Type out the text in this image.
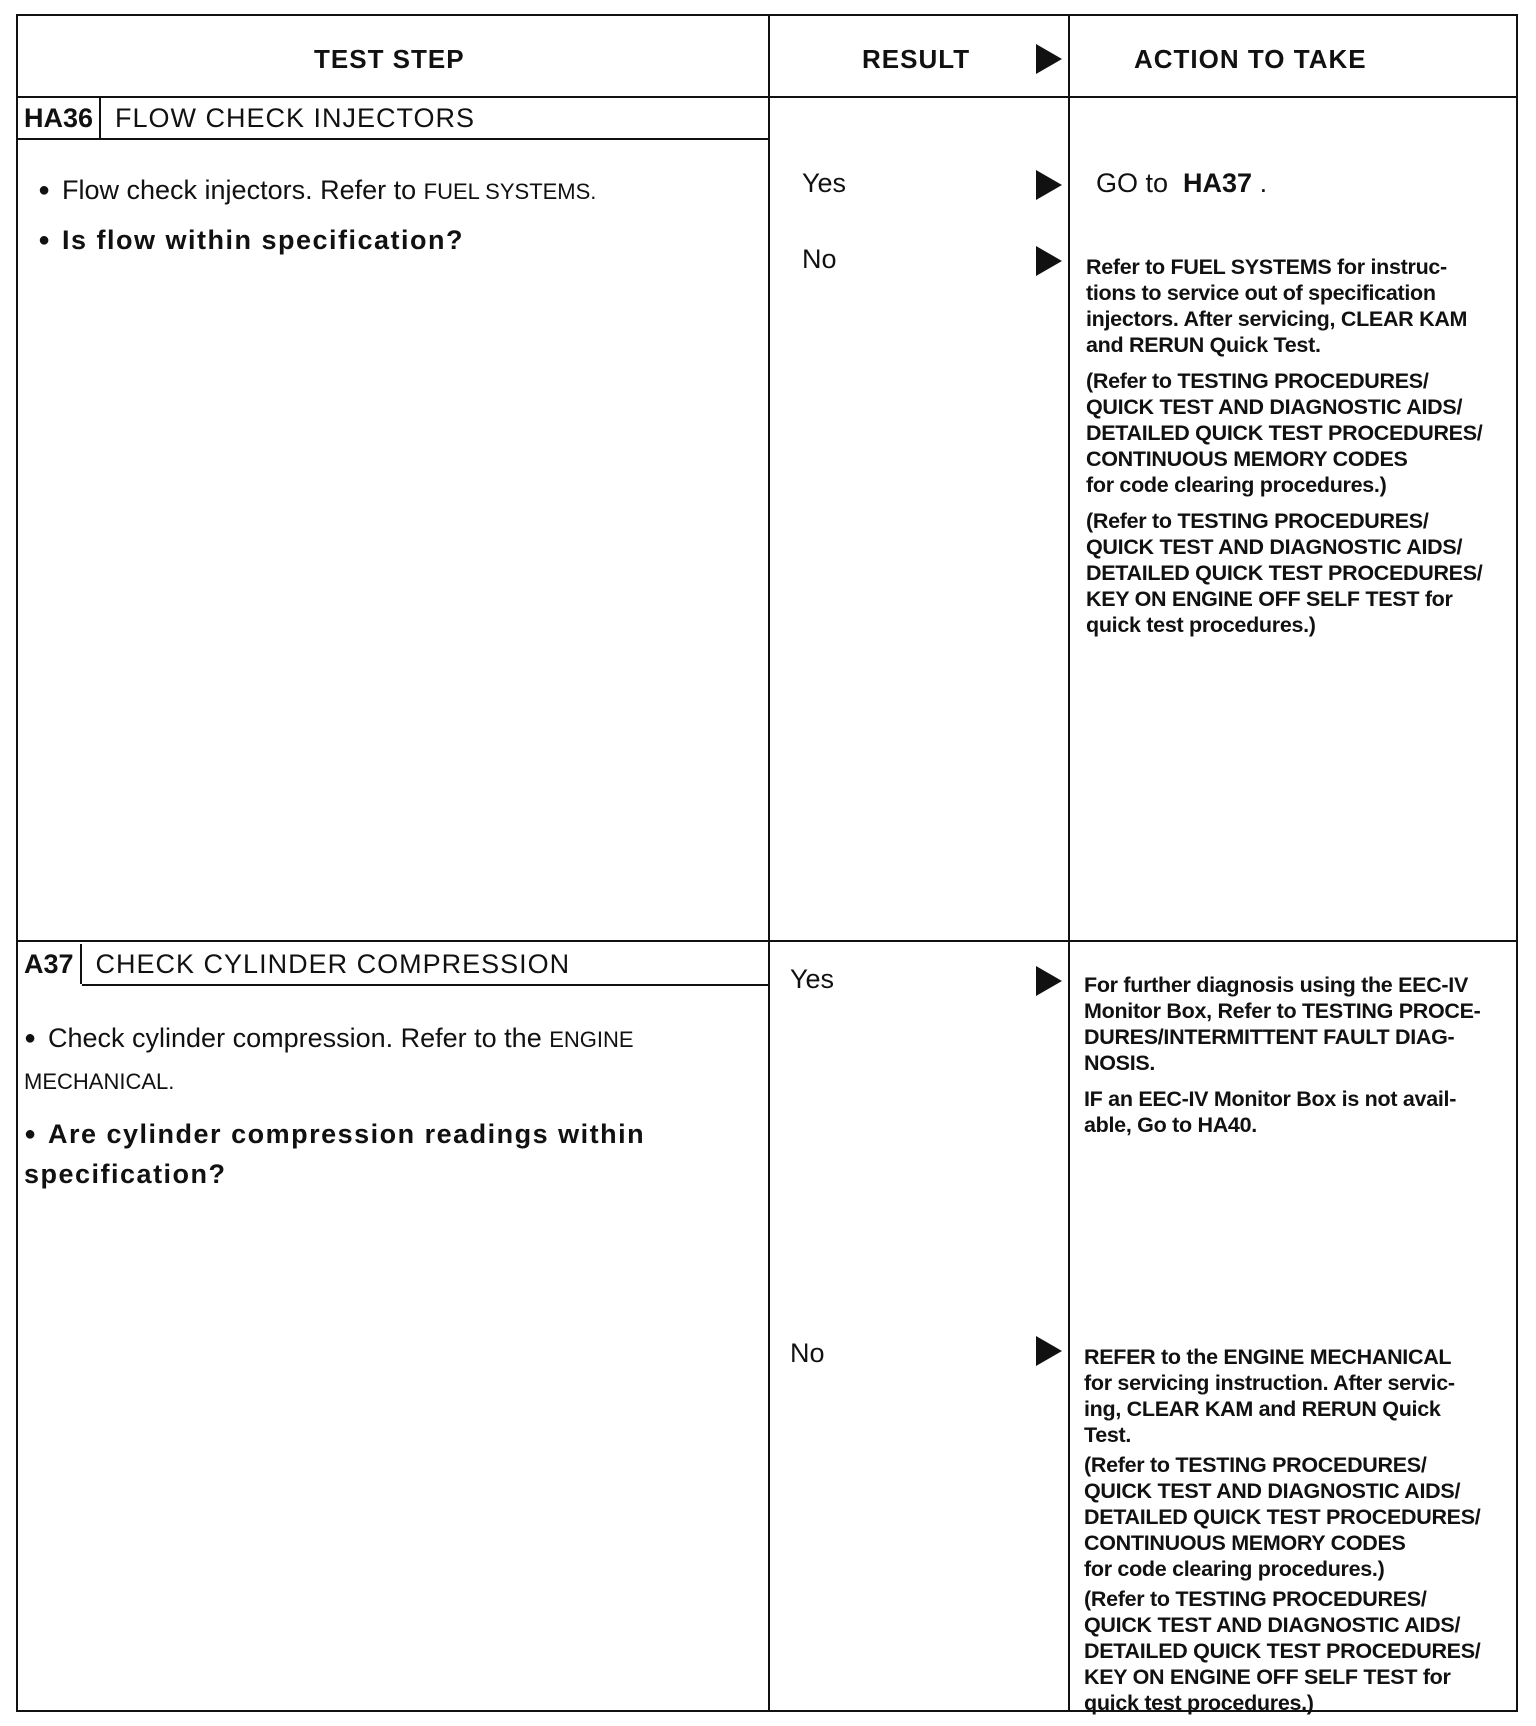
TEST STEP	RESULT	ACTION TO TAKE
HA36 FLOW CHECK INJECTORS
● Flow check injectors. Refer to FUEL SYSTEMS.
● Is flow within specification?
Yes	GO to HA37 .
No	Refer to FUEL SYSTEMS for instruc-
tions to service out of specification
injectors. After servicing, CLEAR KAM
and RERUN Quick Test.

(Refer to TESTING PROCEDURES/
QUICK TEST AND DIAGNOSTIC AIDS/
DETAILED QUICK TEST PROCEDURES/
CONTINUOUS MEMORY CODES
for code clearing procedures.)

(Refer to TESTING PROCEDURES/
QUICK TEST AND DIAGNOSTIC AIDS/
DETAILED QUICK TEST PROCEDURES/
KEY ON ENGINE OFF SELF TEST for
quick test procedures.)

A37 CHECK CYLINDER COMPRESSION
● Check cylinder compression. Refer to the ENGINE MECHANICAL.
● Are cylinder compression readings within specification?
Yes	For further diagnosis using the EEC-IV
Monitor Box, Refer to TESTING PROCE-
DURES/INTERMITTENT FAULT DIAG-
NOSIS.

IF an EEC-IV Monitor Box is not avail-
able, Go to HA40.

No	REFER to the ENGINE MECHANICAL
for servicing instruction. After servic-
ing, CLEAR KAM and RERUN Quick
Test.

(Refer to TESTING PROCEDURES/
QUICK TEST AND DIAGNOSTIC AIDS/
DETAILED QUICK TEST PROCEDURES/
CONTINUOUS MEMORY CODES
for code clearing procedures.)

(Refer to TESTING PROCEDURES/
QUICK TEST AND DIAGNOSTIC AIDS/
DETAILED QUICK TEST PROCEDURES/
KEY ON ENGINE OFF SELF TEST for
quick test procedures.)
